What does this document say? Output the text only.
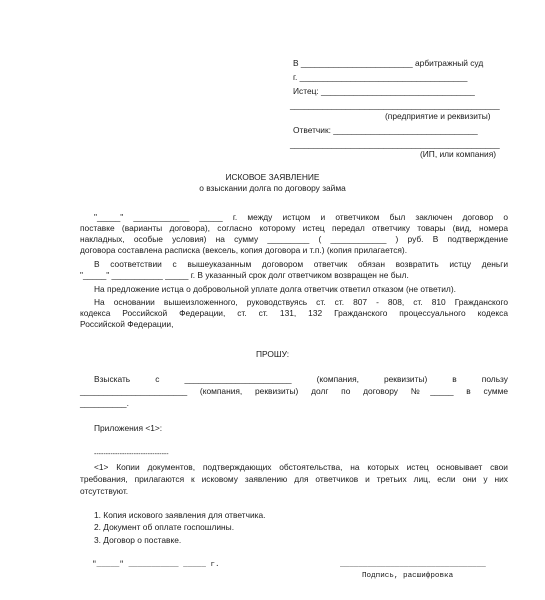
В ________________________ арбитражный суд
г. ____________________________________
Истец: _________________________________
_____________________________________________
(предприятие и реквизиты)
Ответчик: _______________________________
_____________________________________________
(ИП, или компания)
ИСКОВОЕ ЗАЯВЛЕНИЕ
о взыскании долга по договору займа
"_____" ____________ _____ г. между истцом и ответчиком был заключен договор о
поставке (варианты договора), согласно которому истец передал ответчику товары (вид, номера
накладных, особые условия) на сумму _________ ( ____________ ) руб. В подтверждение
договора составлена расписка (вексель, копия договора и т.п.) (копия прилагается).
В соответствии с вышеуказанным договором ответчик обязан возвратить истцу деньги
"_____" ___________ _____ г. В указанный срок долг ответчиком возвращен не был.
На предложение истца о добровольной уплате долга ответчик ответил отказом (не ответил).
На основании вышеизложенного, руководствуясь ст. ст. 807 - 808, ст. 810 Гражданского
кодекса Российской Федерации, ст. ст. 131, 132 Гражданского процессуального кодекса
Российской Федерации,
ПРОШУ:
Взыскать с _______________________ (компания, реквизиты) в пользу
_______________________ (компания, реквизиты) долг по договору №_____ в сумме
__________.
Приложения <1>:
--------------------------------
<1> Копии документов, подтверждающих обстоятельства, на которых истец основывает свои
требования, прилагаются к исковому заявлению для ответчиков и третьих лиц, если они у них
отсутствуют.
1. Копия искового заявления для ответчика.
2. Документ об оплате госпошлины.
3. Договор о поставке.
"_____" ___________ _____ г.	________________________________
Подпись, расшифровка
